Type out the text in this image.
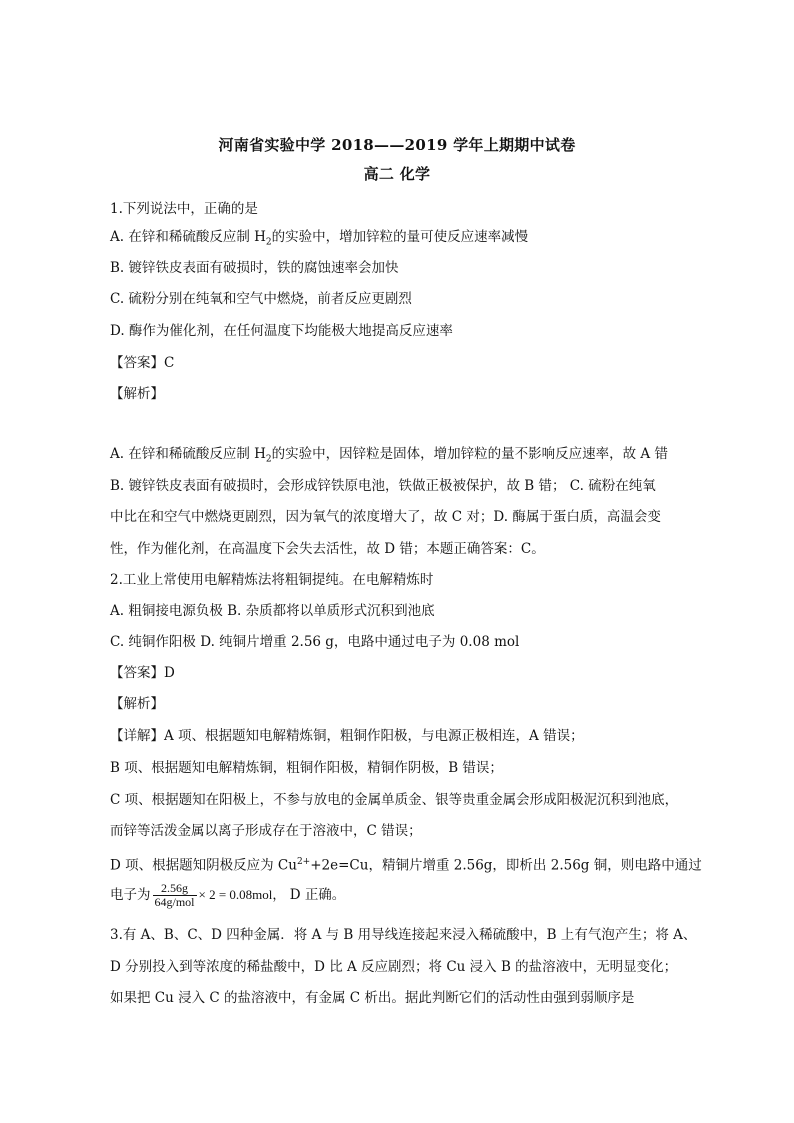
河南省实验中学 2018——2019 学年上期期中试卷
高二 化学
1.下列说法中，正确的是
A. 在锌和稀硫酸反应制 $H_2$的实验中，增加锌粒的量可使反应速率减慢
B. 镀锌铁皮表面有破损时，铁的腐蚀速率会加快
C. 硫粉分别在纯氧和空气中燃烧，前者反应更剧烈
D. 酶作为催化剂，在任何温度下均能极大地提高反应速率
【答案】C
【解析】
A. 在锌和稀硫酸反应制 $H_2$的实验中，因锌粒是固体，增加锌粒的量不影响反应速率，故 A 错
B. 镀锌铁皮表面有破损时，会形成锌铁原电池，铁做正极被保护，故 B 错； C. 硫粉在纯氧
中比在和空气中燃烧更剧烈，因为氧气的浓度增大了，故 C 对；D. 酶属于蛋白质，高温会变
性，作为催化剂，在高温度下会失去活性，故 D 错；本题正确答案：C。
2.工业上常使用电解精炼法将粗铜提纯。在电解精炼时
A. 粗铜接电源负极 B. 杂质都将以单质形式沉积到池底
C. 纯铜作阳极 D. 纯铜片增重 2.56 g，电路中通过电子为 0.08 mol
【答案】D
【解析】
【详解】A 项、根据题知电解精炼铜，粗铜作阳极，与电源正极相连，A 错误；
B 项、根据题知电解精炼铜，粗铜作阳极，精铜作阴极，B 错误；
C 项、根据题知在阳极上，不参与放电的金属单质金、银等贵重金属会形成阳极泥沉积到池底，
而锌等活泼金属以离子形成存在于溶液中，C 错误；
D 项、根据题知阴极反应为 $Cu^{2+}+2e=Cu$，精铜片增重 2.56g，即析出 2.56g 铜，则电路中通过
电子为 $\frac{2.56g}{\text{64g/mol}} \times 2 = 0.08mol$， D 正确。
3.有 A、B、C、D 四种金属．将 A 与 B 用导线连接起来浸入稀硫酸中，B 上有气泡产生；将 A、
D 分别投入到等浓度的稀盐酸中，D 比 A 反应剧烈；将 Cu 浸入 B 的盐溶液中，无明显变化；
如果把 Cu 浸入 C 的盐溶液中，有金属 C 析出。据此判断它们的活动性由强到弱顺序是
